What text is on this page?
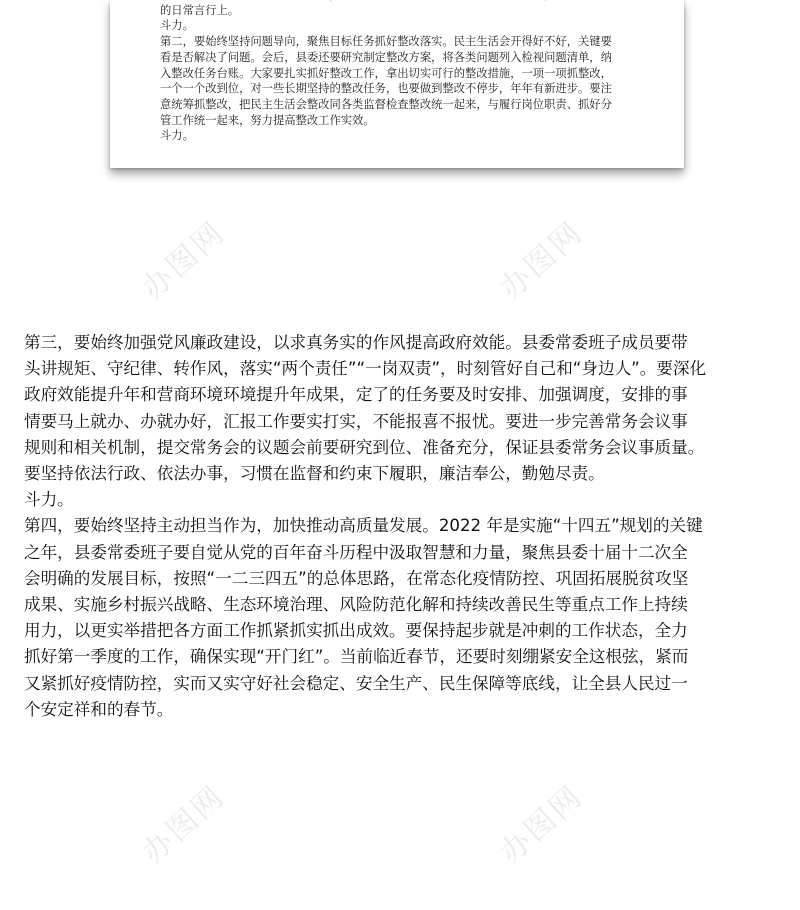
的日常言行上。

斗力。

第二，要始终坚持问题导向，聚焦目标任务抓好整改落实。民主生活会开得好不好，关键要

看是否解决了问题。会后，县委还要研究制定整改方案，将各类问题列入检视问题清单，纳

入整改任务台账。大家要扎实抓好整改工作，拿出切实可行的整改措施，一项一项抓整改，

一个一个改到位，对一些长期坚持的整改任务，也要做到整改不停步，年年有新进步。要注

意统筹抓整改，把民主生活会整改同各类监督检查整改统一起来，与履行岗位职责、抓好分

管工作统一起来，努力提高整改工作实效。

斗力。

办图网	办图网
办图网	办图网

第三，要始终加强党风廉政建设，以求真务实的作风提高政府效能。县委常委班子成员要带

头讲规矩、守纪律、转作风，落实“两个责任”“一岗双责”，时刻管好自己和“身边人”。要深化

政府效能提升年和营商环境环境提升年成果，定了的任务要及时安排、加强调度，安排的事

情要马上就办、办就办好，汇报工作要实打实，不能报喜不报忧。要进一步完善常务会议事

规则和相关机制，提交常务会的议题会前要研究到位、准备充分，保证县委常务会议事质量。

要坚持依法行政、依法办事，习惯在监督和约束下履职，廉洁奉公，勤勉尽责。

斗力。

第四，要始终坚持主动担当作为，加快推动高质量发展。2022 年是实施“十四五”规划的关键

之年，县委常委班子要自觉从党的百年奋斗历程中汲取智慧和力量，聚焦县委十届十二次全

会明确的发展目标，按照“一二三四五”的总体思路，在常态化疫情防控、巩固拓展脱贫攻坚

成果、实施乡村振兴战略、生态环境治理、风险防范化解和持续改善民生等重点工作上持续

用力，以更实举措把各方面工作抓紧抓实抓出成效。要保持起步就是冲刺的工作状态，全力

抓好第一季度的工作，确保实现“开门红”。当前临近春节，还要时刻绷紧安全这根弦，紧而

又紧抓好疫情防控，实而又实守好社会稳定、安全生产、民生保障等底线，让全县人民过一

个安定祥和的春节。
